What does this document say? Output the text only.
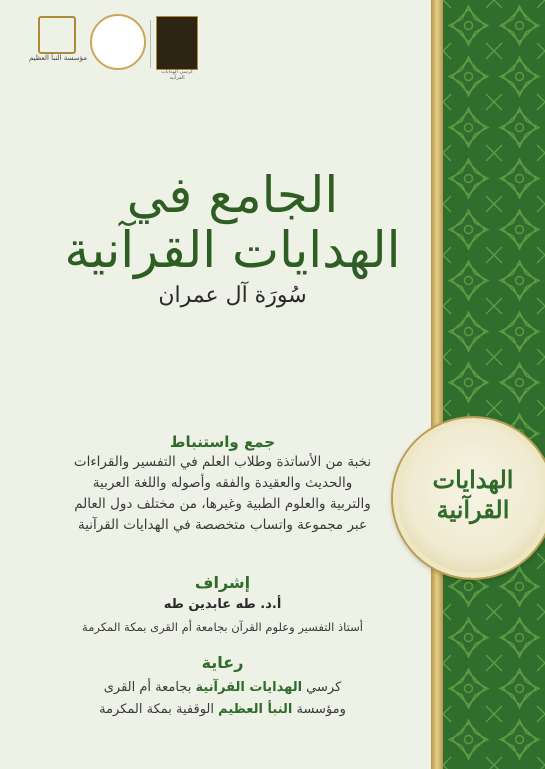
مؤسسة النبأ العظيم
كرسي الهدايات القرآنية
الجامع في الهدايات القرآنية
سُورَة آل عمران
جمع واستنباط
نخبة من الأساتذة وطلاب العلم في التفسير والقراءات
والحديث والعقيدة والفقه وأصوله واللغة العربية
والتربية والعلوم الطبية وغيرها، من مختلف دول العالم
عبر مجموعة واتساب متخصصة في الهدايات القرآنية
إشراف
أ.د. طه عابدين طه
أستاذ التفسير وعلوم القرآن بجامعة أم القرى بمكة المكرمة
رعاية
كرسي الهدايات القرآنية بجامعة أم القرى
ومؤسسة النبأ العظيم الوقفية بمكة المكرمة
الهدايات القرآنية
